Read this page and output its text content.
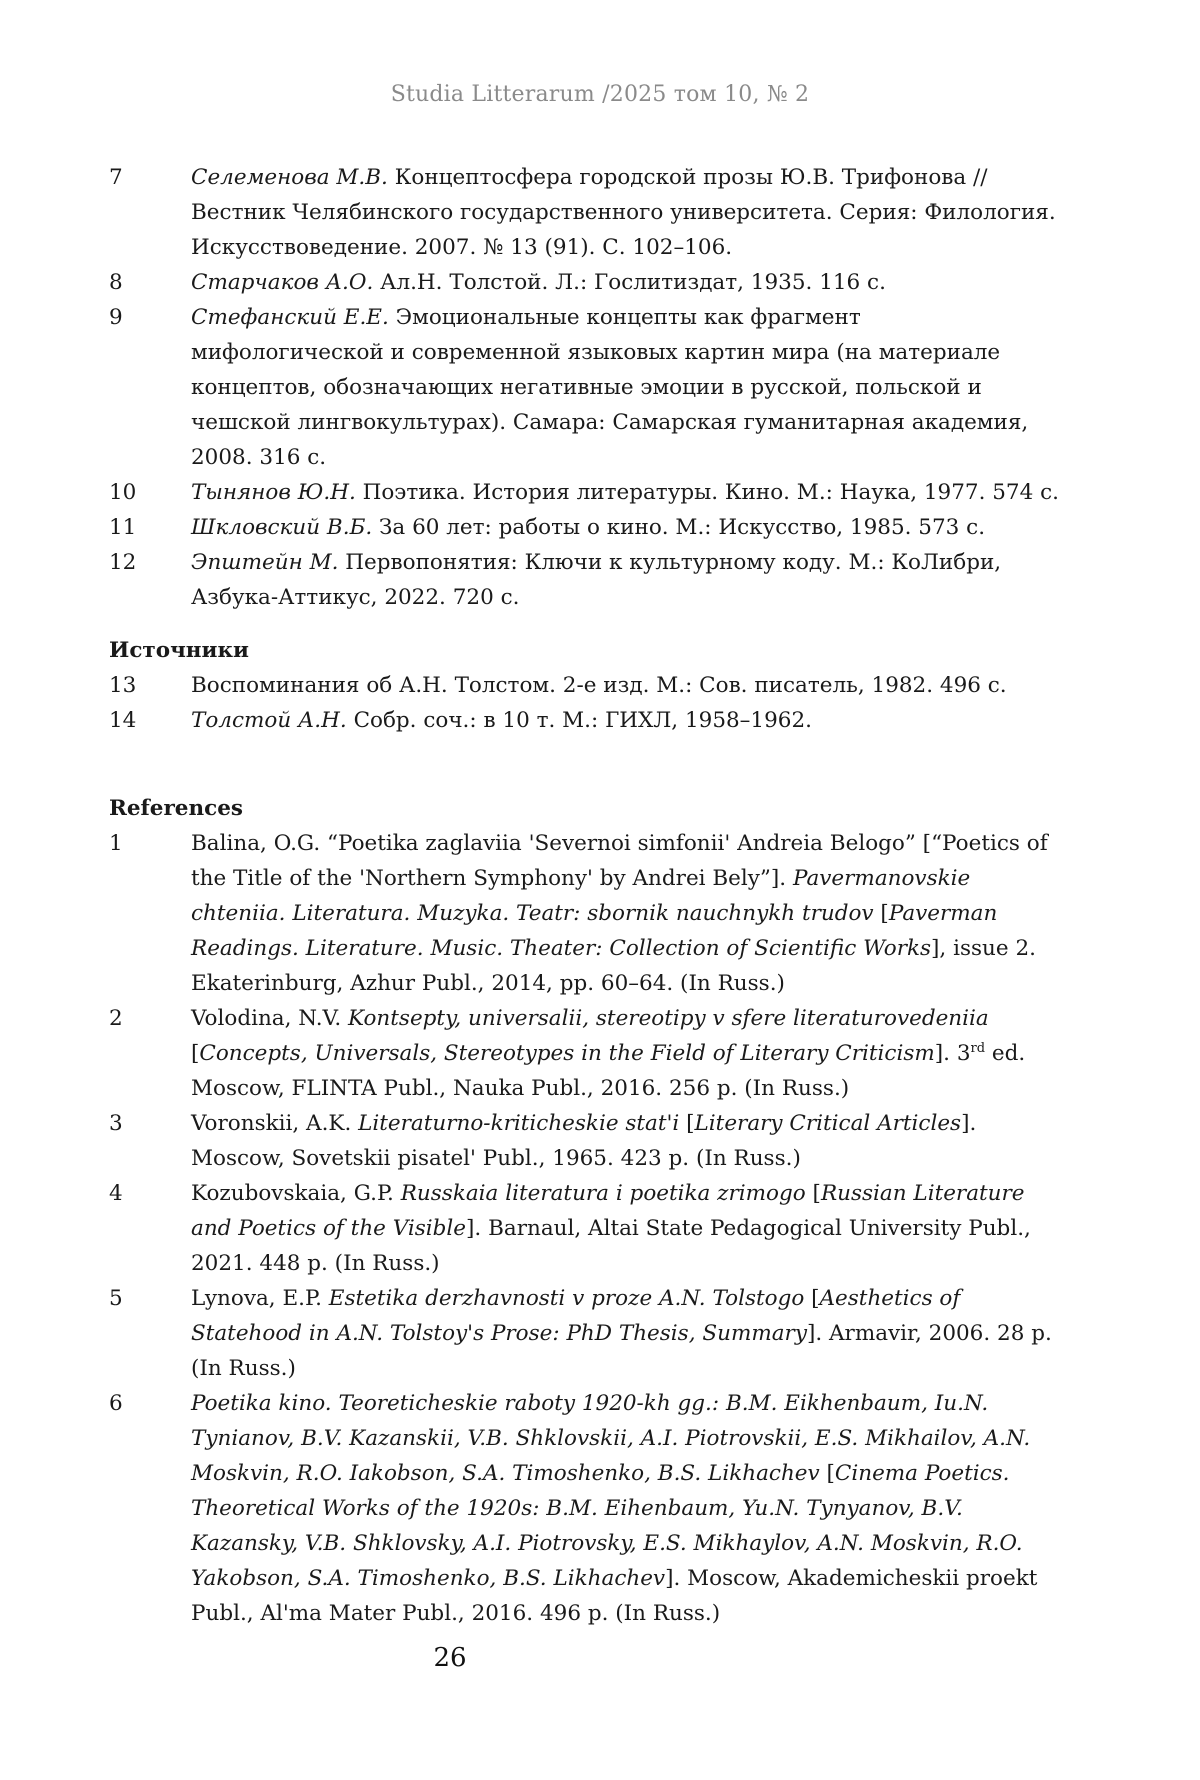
Studia Litterarum /2025 том 10, № 2
7	Селеменова М.В. Концептосфера городской прозы Ю.В. Трифонова // Вестник Челябинского государственного университета. Серия: Филология. Искусствоведение. 2007. № 13 (91). С. 102–106.
8	Старчаков А.О. Ал.Н. Толстой. Л.: Гослитиздат, 1935. 116 с.
9	Стефанский Е.Е. Эмоциональные концепты как фрагмент мифологической и современной языковых картин мира (на материале концептов, обозначающих негативные эмоции в русской, польской и чешской лингвокультурах). Самара: Самарская гуманитарная академия, 2008. 316 с.
10	Тынянов Ю.Н. Поэтика. История литературы. Кино. М.: Наука, 1977. 574 с.
11	Шкловский В.Б. За 60 лет: работы о кино. М.: Искусство, 1985. 573 с.
12	Эпштейн М. Первопонятия: Ключи к культурному коду. М.: КоЛибри, Азбука-Аттикус, 2022. 720 с.
Источники
13	Воспоминания об А.Н. Толстом. 2-е изд. М.: Сов. писатель, 1982. 496 с.
14	Толстой А.Н. Собр. соч.: в 10 т. М.: ГИХЛ, 1958–1962.
References
1	Balina, O.G. “Poetika zaglaviia 'Severnoi simfonii' Andreia Belogo” [“Poetics of the Title of the 'Northern Symphony' by Andrei Bely”]. Pavermanovskie chteniia. Literatura. Muzyka. Teatr: sbornik nauchnykh trudov [Paverman Readings. Literature. Music. Theater: Collection of Scientific Works], issue 2. Ekaterinburg, Azhur Publ., 2014, pp. 60–64. (In Russ.)
2	Volodina, N.V. Kontsepty, universalii, stereotipy v sfere literaturovedeniia [Concepts, Universals, Stereotypes in the Field of Literary Criticism]. 3rd ed. Moscow, FLINTA Publ., Nauka Publ., 2016. 256 p. (In Russ.)
3	Voronskii, A.K. Literaturno-kriticheskie stat'i [Literary Critical Articles]. Moscow, Sovetskii pisatel' Publ., 1965. 423 p. (In Russ.)
4	Kozubovskaia, G.P. Russkaia literatura i poetika zrimogo [Russian Literature and Poetics of the Visible]. Barnaul, Altai State Pedagogical University Publ., 2021. 448 p. (In Russ.)
5	Lynova, E.P. Estetika derzhavnosti v proze A.N. Tolstogo [Aesthetics of Statehood in A.N. Tolstoy's Prose: PhD Thesis, Summary]. Armavir, 2006. 28 p. (In Russ.)
6	Poetika kino. Teoreticheskie raboty 1920-kh gg.: B.M. Eikhenbaum, Iu.N. Tynianov, B.V. Kazanskii, V.B. Shklovskii, A.I. Piotrovskii, E.S. Mikhailov, A.N. Moskvin, R.O. Iakobson, S.A. Timoshenko, B.S. Likhachev [Cinema Poetics. Theoretical Works of the 1920s: B.M. Eihenbaum, Yu.N. Tynyanov, B.V. Kazansky, V.B. Shklovsky, A.I. Piotrovsky, E.S. Mikhaylov, A.N. Moskvin, R.O. Yakobson, S.A. Timoshenko, B.S. Likhachev]. Moscow, Akademicheskii proekt Publ., Al'ma Mater Publ., 2016. 496 p. (In Russ.)
26
